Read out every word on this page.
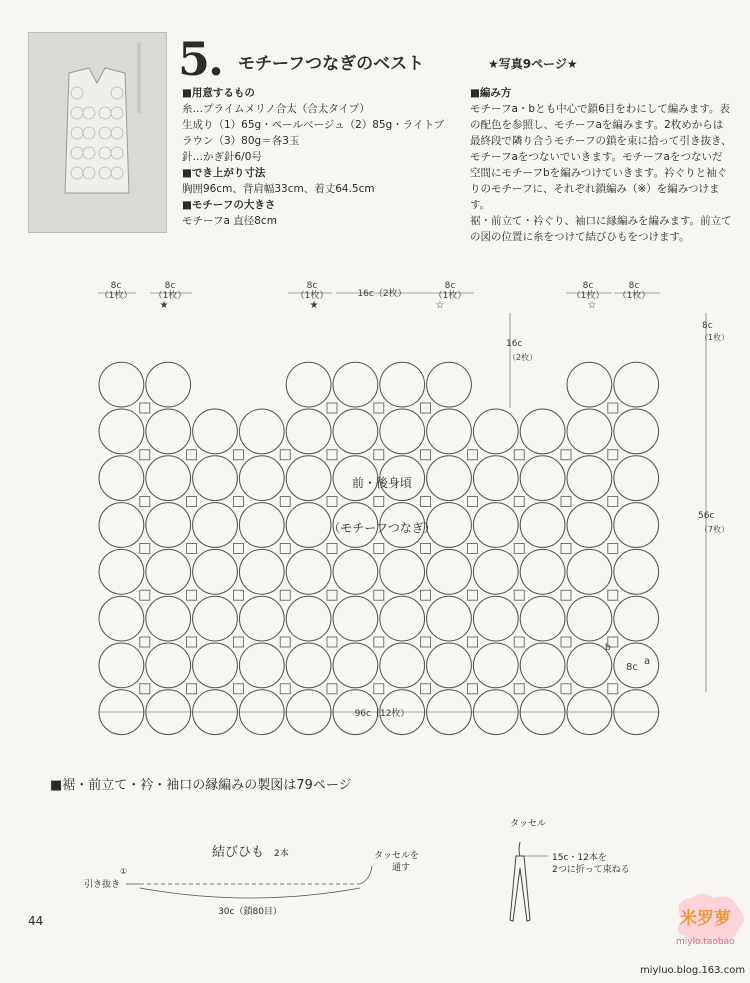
5. モチーフつなぎのベスト	★写真9ページ★
■用意するもの
糸…プライムメリノ合太（合太タイプ）
生成り（1）65g・ペールベージュ（2）85g・ライトブ
ラウン（3）80g＝各3玉
針…かぎ針6/0号
■でき上がり寸法
胸囲96cm、背肩幅33cm、着丈64.5cm
■モチーフの大きさ
モチーフa 直径8cm
■編み方
モチーフa・bとも中心で鎖6目をわにして編みます。表
の配色を参照し、モチーフaを編みます。2枚めからは
最終段で隣り合うモチーフの鎖を束に拾って引き抜き、
モチーフaをつないでいきます。モチーフaをつないだ
空間にモチーフbを編みつけていきます。衿ぐりと袖ぐ
りのモチーフに、それぞれ鎖編み（※）を編みつけます。
裾・前立て・衿ぐり、袖口に縁編みを編みます。前立て
の図の位置に糸をつけて結びひもをつけます。
8c
（1枚）
8c
（1枚）
8c
（1枚）	16c（2枚）
8c
（1枚）
8c
（1枚）
8c
（1枚）
8c
（1枚）
56c
（7枚）
16c
（2枚）
96c（12枚）
8c
a
b
★	★	☆	☆
前・後身頃
（モチーフつなぎ）
結びひも 2本
引き抜き
①
タッセルを
通す
30c（鎖80目）
タッセル
15c・12本を
2つに折って束ねる
■裾・前立て・衿・袖口の縁編みの製図は79ページ
44	米罗萝
miylo.taobao
miyluo.blog.163.com
